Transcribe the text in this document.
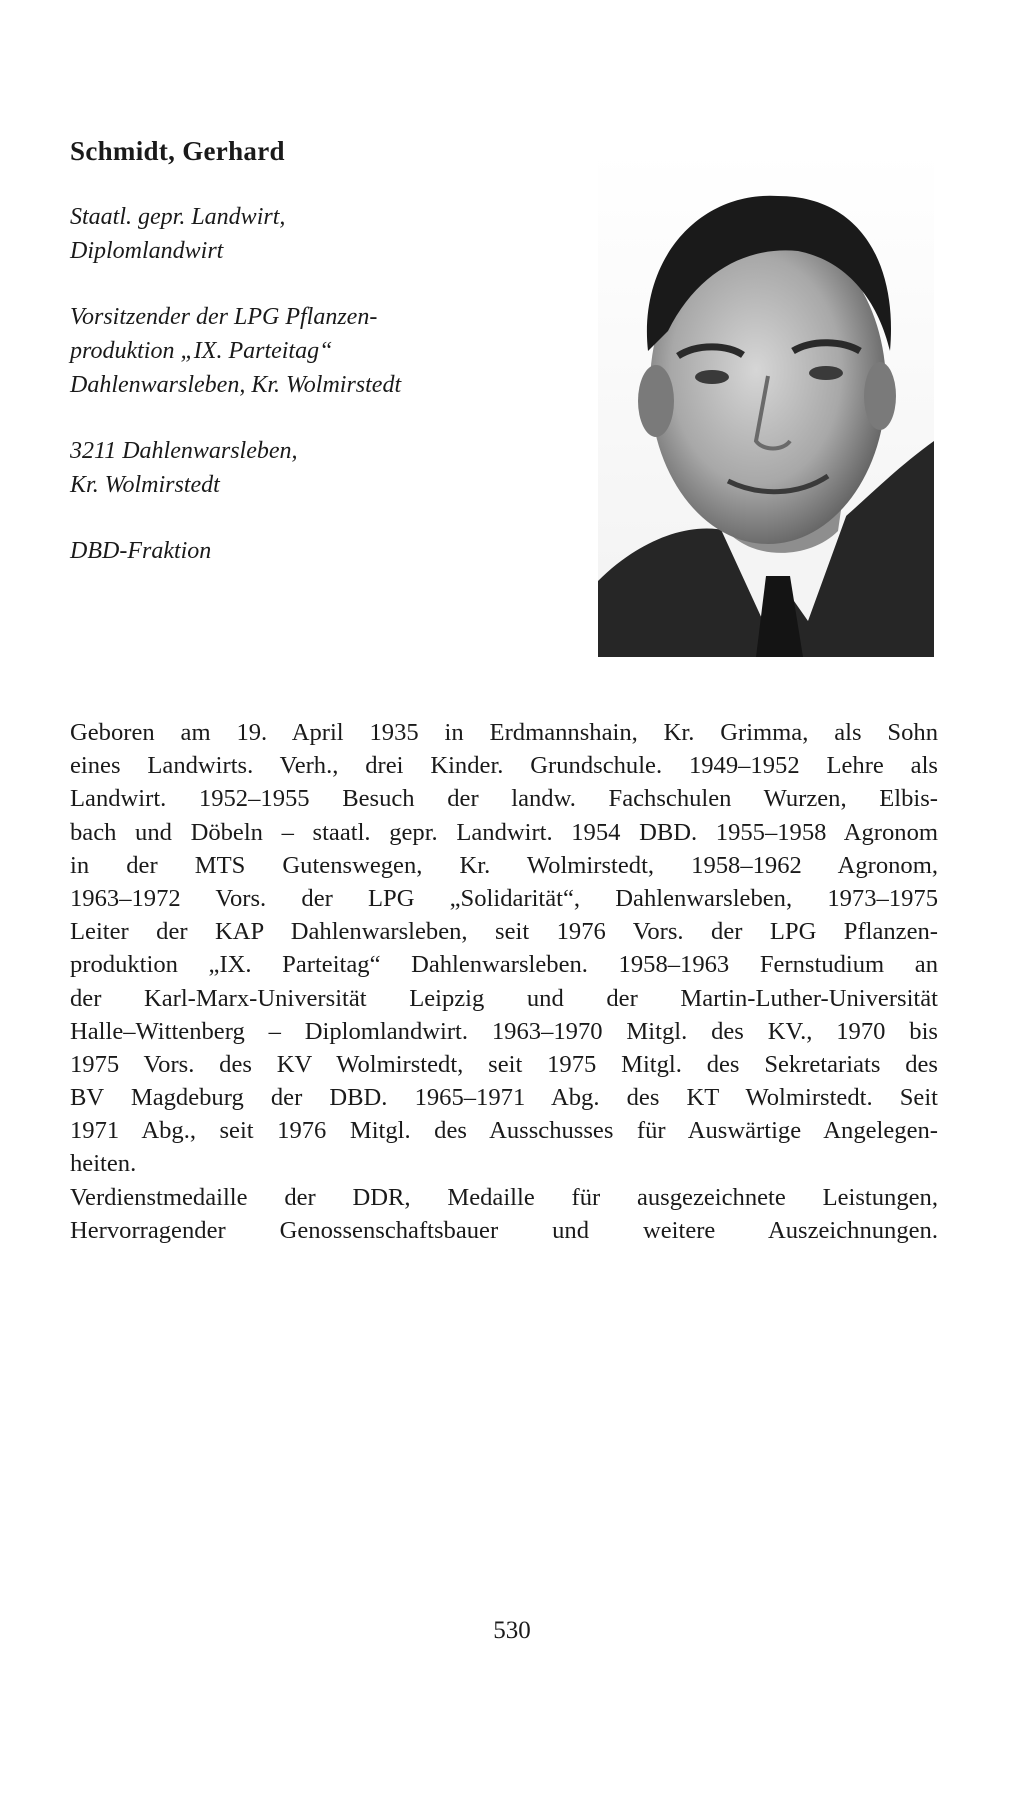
Schmidt, Gerhard
Staatl. gepr. Landwirt,
Diplomlandwirt
Vorsitzender der LPG Pflanzen-
produktion „IX. Parteitag“
Dahlenwarsleben, Kr. Wolmirstedt
3211 Dahlenwarsleben,
Kr. Wolmirstedt
DBD-Fraktion
Geboren am 19. April 1935 in Erdmannshain, Kr. Grimma, als Sohn
eines Landwirts. Verh., drei Kinder. Grundschule. 1949–1952 Lehre als
Landwirt. 1952–1955 Besuch der landw. Fachschulen Wurzen, Elbis-
bach und Döbeln – staatl. gepr. Landwirt. 1954 DBD. 1955–1958 Agronom
in der MTS Gutenswegen, Kr. Wolmirstedt, 1958–1962 Agronom,
1963–1972 Vors. der LPG „Solidarität“, Dahlenwarsleben, 1973–1975
Leiter der KAP Dahlenwarsleben, seit 1976 Vors. der LPG Pflanzen-
produktion „IX. Parteitag“ Dahlenwarsleben. 1958–1963 Fernstudium an
der Karl-Marx-Universität Leipzig und der Martin-Luther-Universität
Halle–Wittenberg – Diplomlandwirt. 1963–1970 Mitgl. des KV., 1970 bis
1975 Vors. des KV Wolmirstedt, seit 1975 Mitgl. des Sekretariats des
BV Magdeburg der DBD. 1965–1971 Abg. des KT Wolmirstedt. Seit
1971 Abg., seit 1976 Mitgl. des Ausschusses für Auswärtige Angelegen-
heiten.
Verdienstmedaille der DDR, Medaille für ausgezeichnete Leistungen,
Hervorragender Genossenschaftsbauer und weitere Auszeichnungen.
530
